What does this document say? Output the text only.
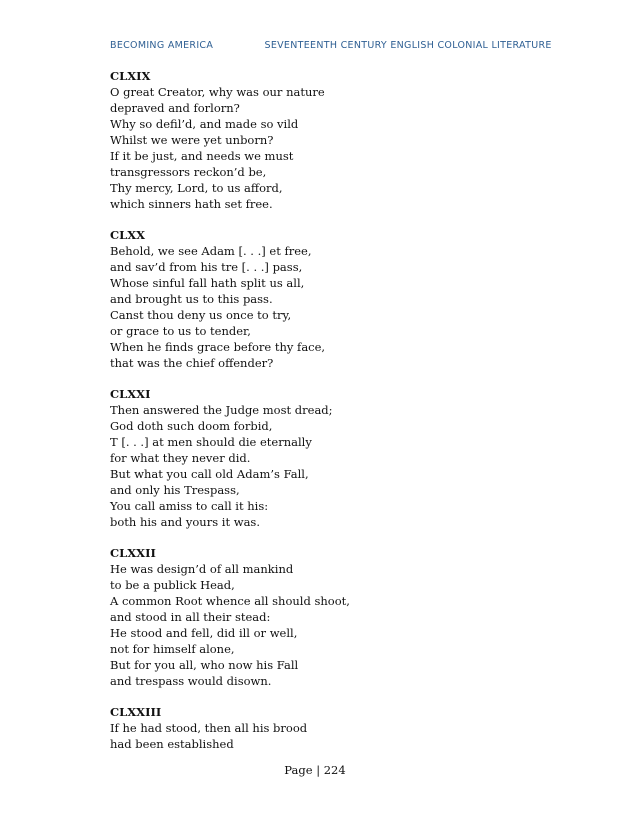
BECOMING AMERICA	SEVENTEENTH CENTURY ENGLISH COLONIAL LITERATURE
CLXIX
O great Creator, why was our nature
depraved and forlorn?
Why so defil’d, and made so vild
Whilst we were yet unborn?
If it be just, and needs we must
transgressors reckon’d be,
Thy mercy, Lord, to us afford,
which sinners hath set free.
CLXX
Behold, we see Adam [. . .] et free,
and sav’d from his tre [. . .] pass,
Whose sinful fall hath split us all,
and brought us to this pass.
Canst thou deny us once to try,
or grace to us to tender,
When he finds grace before thy face,
that was the chief offender?
CLXXI
Then answered the Judge most dread;
God doth such doom forbid,
T [. . .] at men should die eternally
for what they never did.
But what you call old Adam’s Fall,
and only his Trespass,
You call amiss to call it his:
both his and yours it was.
CLXXII
He was design’d of all mankind
to be a publick Head,
A common Root whence all should shoot,
and stood in all their stead:
He stood and fell, did ill or well,
not for himself alone,
But for you all, who now his Fall
and trespass would disown.
CLXXIII
If he had stood, then all his brood
had been established
Page | 224
